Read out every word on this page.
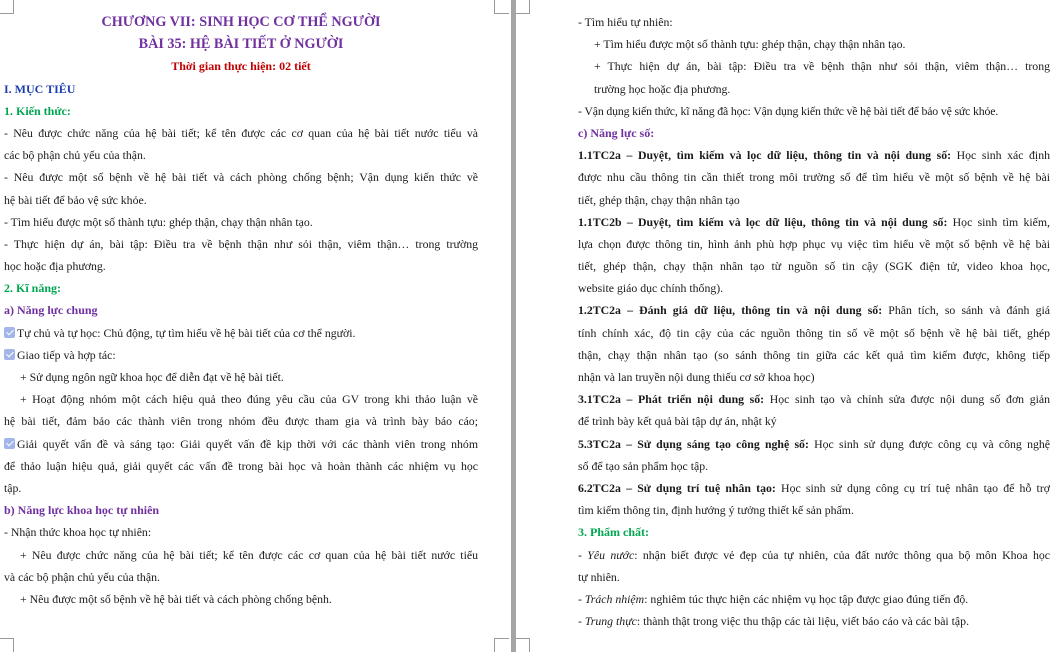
CHƯƠNG VII: SINH HỌC CƠ THỂ NGƯỜI
BÀI 35: HỆ BÀI TIẾT Ở NGƯỜI
Thời gian thực hiện: 02 tiết
I. MỤC TIÊU
1. Kiến thức:
- Nêu được chức năng của hệ bài tiết; kể tên được các cơ quan của hệ bài tiết nước tiểu và
các bộ phận chủ yếu của thận.
- Nêu được một số bệnh về hệ bài tiết và cách phòng chống bệnh; Vận dụng kiến thức về
hệ bài tiết để bảo vệ sức khỏe.
- Tìm hiểu được một số thành tựu: ghép thận, chạy thận nhân tạo.
- Thực hiện dự án, bài tập: Điều tra về bệnh thận như sỏi thận, viêm thận… trong trường
học hoặc địa phương.
2. Kĩ năng:
a) Năng lực chung
Tự chủ và tự học: Chủ động, tự tìm hiểu về hệ bài tiết của cơ thể người.
Giao tiếp và hợp tác:
+ Sử dụng ngôn ngữ khoa học để diễn đạt về hệ bài tiết.
+ Hoạt động nhóm một cách hiệu quả theo đúng yêu cầu của GV trong khi thảo luận về
hệ bài tiết, đảm bảo các thành viên trong nhóm đều được tham gia và trình bày báo cáo;
Giải quyết vấn đề và sáng tạo: Giải quyết vấn đề kịp thời với các thành viên trong nhóm
để thảo luận hiệu quả, giải quyết các vấn đề trong bài học và hoàn thành các nhiệm vụ học
tập.
b) Năng lực khoa học tự nhiên
- Nhận thức khoa học tự nhiên:
+ Nêu được chức năng của hệ bài tiết; kể tên được các cơ quan của hệ bài tiết nước tiểu
và các bộ phận chủ yếu của thận.
+ Nêu được một số bệnh về hệ bài tiết và cách phòng chống bệnh.
- Tìm hiểu tự nhiên:
+ Tìm hiểu được một số thành tựu: ghép thận, chạy thận nhân tạo.
+ Thực hiện dự án, bài tập: Điều tra về bệnh thận như sỏi thận, viêm thận… trong
trường học hoặc địa phương.
- Vận dụng kiến thức, kĩ năng đã học: Vận dụng kiến thức về hệ bài tiết để bảo vệ sức khỏe.
c) Năng lực số:
1.1TC2a – Duyệt, tìm kiếm và lọc dữ liệu, thông tin và nội dung số: Học sinh xác định
được nhu cầu thông tin cần thiết trong môi trường số để tìm hiểu về một số bệnh về hệ bài
tiết, ghép thận, chạy thận nhân tạo
1.1TC2b – Duyệt, tìm kiếm và lọc dữ liệu, thông tin và nội dung số: Học sinh tìm kiếm,
lựa chọn được thông tin, hình ảnh phù hợp phục vụ việc tìm hiểu về một số bệnh về hệ bài
tiết, ghép thận, chạy thận nhân tạo từ nguồn số tin cậy (SGK điện tử, video khoa học,
website giáo dục chính thống).
1.2TC2a – Đánh giá dữ liệu, thông tin và nội dung số: Phân tích, so sánh và đánh giá
tính chính xác, độ tin cậy của các nguồn thông tin số về một số bệnh về hệ bài tiết, ghép
thận, chạy thận nhân tạo (so sánh thông tin giữa các kết quả tìm kiếm được, không tiếp
nhận và lan truyền nội dung thiếu cơ sở khoa học)
3.1TC2a – Phát triển nội dung số: Học sinh tạo và chỉnh sửa được nội dung số đơn giản
để trình bày kết quả bài tập dự án, nhật ký
5.3TC2a – Sử dụng sáng tạo công nghệ số: Học sinh sử dụng được công cụ và công nghệ
số để tạo sản phẩm học tập.
6.2TC2a – Sử dụng trí tuệ nhân tạo: Học sinh sử dụng công cụ trí tuệ nhân tạo để hỗ trợ
tìm kiếm thông tin, định hướng ý tưởng thiết kế sản phẩm.
3. Phẩm chất:
- Yêu nước: nhận biết được vẻ đẹp của tự nhiên, của đất nước thông qua bộ môn Khoa học
tự nhiên.
- Trách nhiệm: nghiêm túc thực hiện các nhiệm vụ học tập được giao đúng tiến độ.
- Trung thực: thành thật trong việc thu thập các tài liệu, viết báo cáo và các bài tập.
